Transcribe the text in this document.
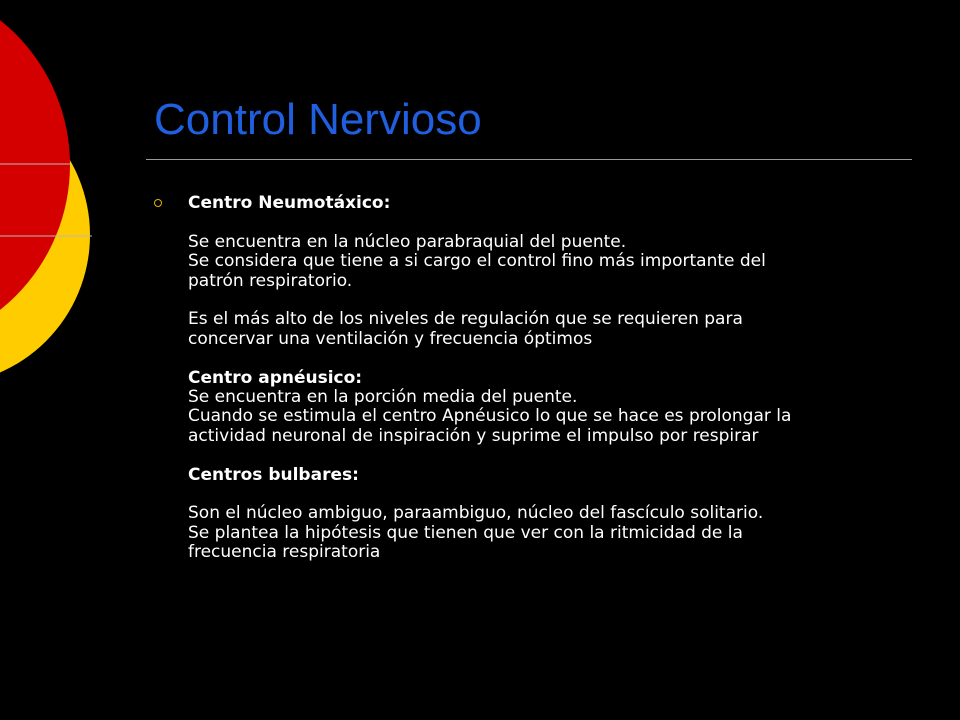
Control Nervioso
Centro Neumotáxico:
Se encuentra en la núcleo parabraquial del puente.
Se considera que tiene a si cargo el control fino más importante del
patrón respiratorio.
Es el más alto de los niveles de regulación que se requieren para
concervar una ventilación y frecuencia óptimos
Centro apnéusico:
Se encuentra en la porción media del puente.
Cuando se estimula el centro Apnéusico lo que se hace es prolongar la
actividad neuronal de inspiración y suprime el impulso por respirar
Centros bulbares:
Son el núcleo ambiguo, paraambiguo, núcleo del fascículo solitario.
Se plantea la hipótesis que tienen que ver con la ritmicidad de la
frecuencia respiratoria
